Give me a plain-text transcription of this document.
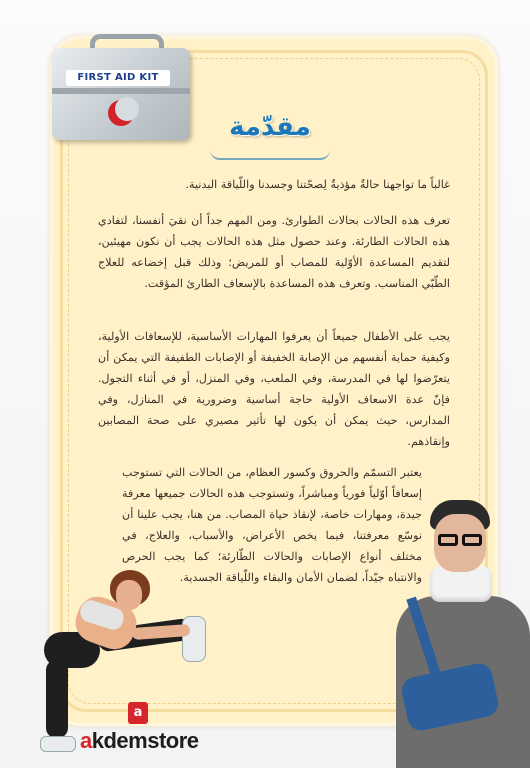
FIRST AID KIT
مقدّمة

غالباً ما تواجهنا حالةٌ مؤذيةٌ لِصحّتنا وجسدنا واللّياقة البدنية.

تعرف هذه الحالات بحالات الطوارئ. ومن المهم جداً أن نقيَ أنفسنا، لتفادي هذه الحالات الطارئة. وعند حصول مثل هذه الحالات يجب أن نكون مهيئين، لتقديم المساعدة الأوّلية للمصاب أو للمريض؛ وذلك قبل إخضاعه للعلاج الطّبّي المناسب. وتعرف هذه المساعدة بالإسعاف الطارئ المؤقت.

يجب على الأطفال جميعاً أن يعرفوا المهارات الأساسية، للإسعافات الأولية، وكيفية حماية أنفسهم من الإصابة الخفيفة أو الإصابات الطفيفة التي يمكن أن يتعرّضوا لها في المدرسة، وفي الملعب، وفي المنزل، أو في أثناء التجول. فإنّ عدة الاسعاف الأولية حاجة أساسية وضرورية في المنازل، وفي المدارس، حيث يمكن أن يكون لها تأثير مصيري على صحة المصابين وإنقاذهم.

يعتبر التسمّم والحروق وكسور العظام، من الحالات التي تستوجب إسعافاً أوّلياً فورياً ومباشراً، وتستوجب هذه الحالات جميعها معرفة جيدة، ومهارات خاصة، لإنقاذ حياة المصاب. من هنا، يجب علينا أن نوسّع معرفتنا، فيما يخص الأعراض، والأسباب، والعلاج، في مختلف أنواع الإصابات والحالات الطّارئة؛ كما يجب الحرص والانتباه جيّداً، لضمان الأمان والبقاء واللّياقة الجسدية.

a
akdemstore
